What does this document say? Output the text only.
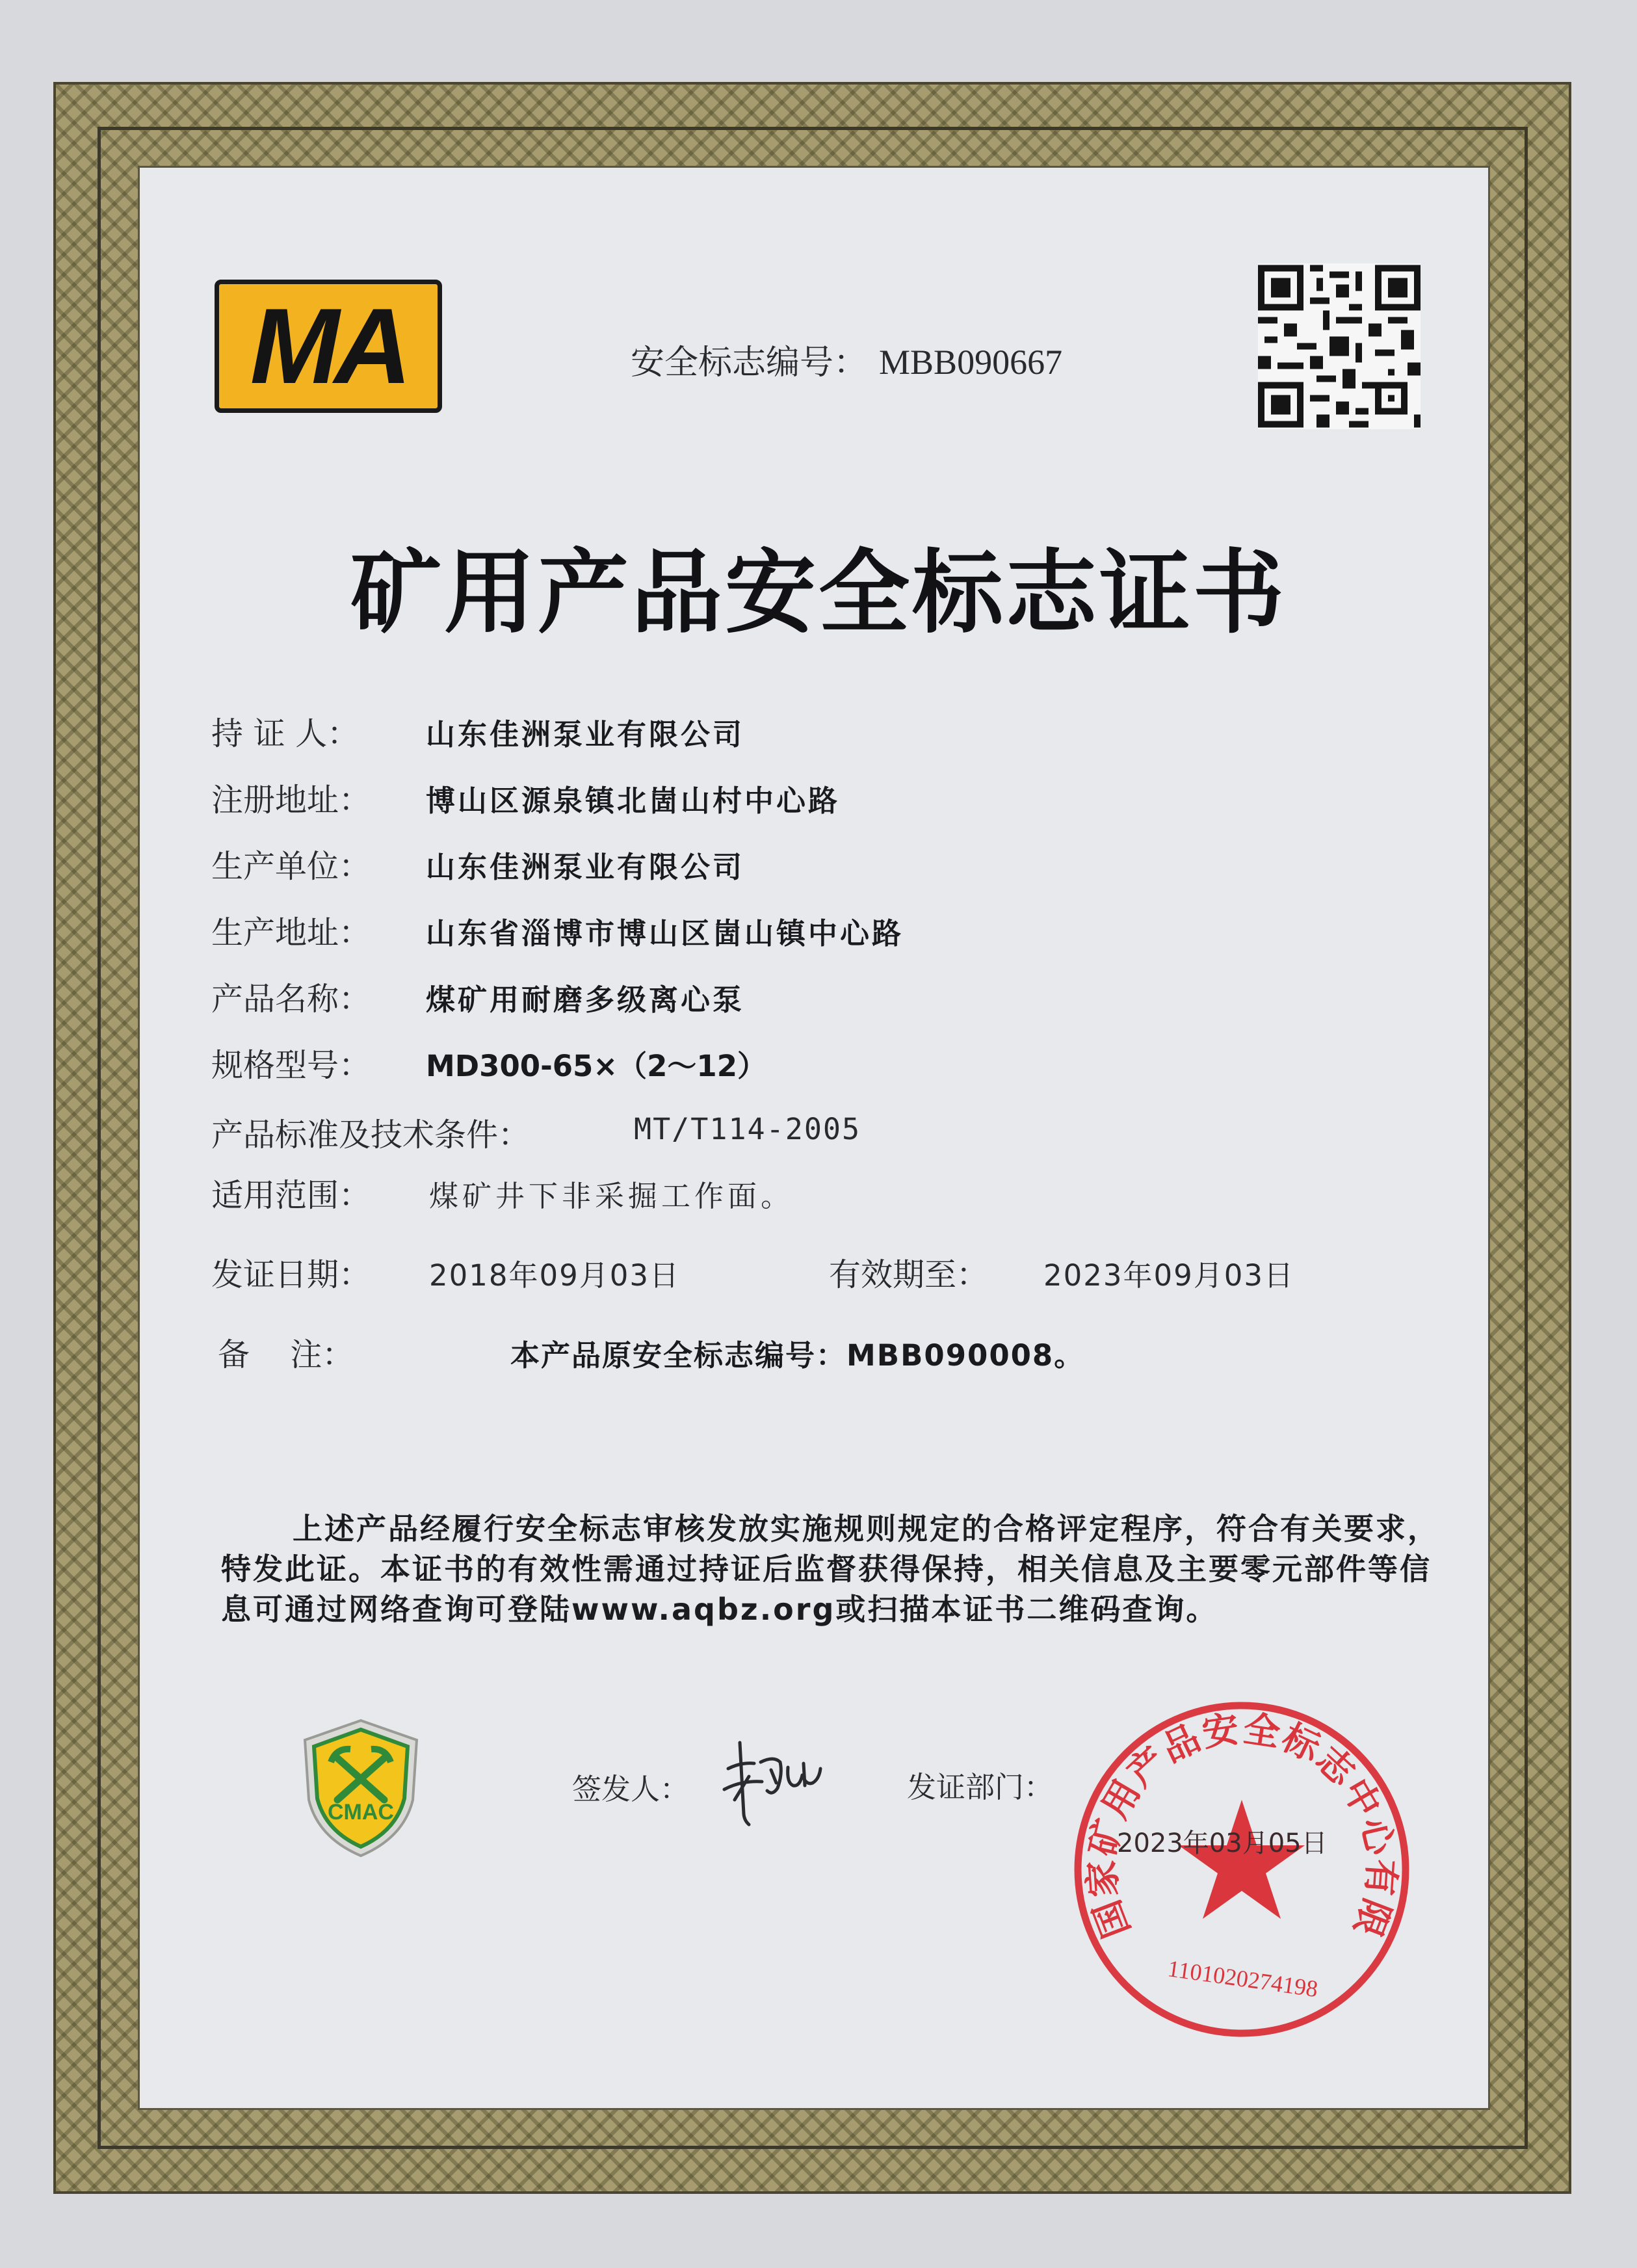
MA	安全标志编号： MBB090667
矿用产品安全标志证书
持 证 人： 山东佳洲泵业有限公司
注册地址： 博山区源泉镇北崮山村中心路
生产单位： 山东佳洲泵业有限公司
生产地址： 山东省淄博市博山区崮山镇中心路
产品名称： 煤矿用耐磨多级离心泵
规格型号： MD300-65×（2～12）
产品标准及技术条件：	MT/T114-2005
适用范围： 煤矿井下非采掘工作面。
发证日期： 2018年09月03日	有效期至： 2023年09月03日
备    注：	本产品原安全标志编号：MBB090008。
上述产品经履行安全标志审核发放实施规则规定的合格评定程序，符合有关要求，特发此证。本证书的有效性需通过持证后监督获得保持，相关信息及主要零元部件等信息可通过网络查询可登陆www.aqbz.org或扫描本证书二维码查询。
CMAC
签发人：	发证部门：
国家矿用产品安全标志中心有限
1101020274198
2023年03月05日
